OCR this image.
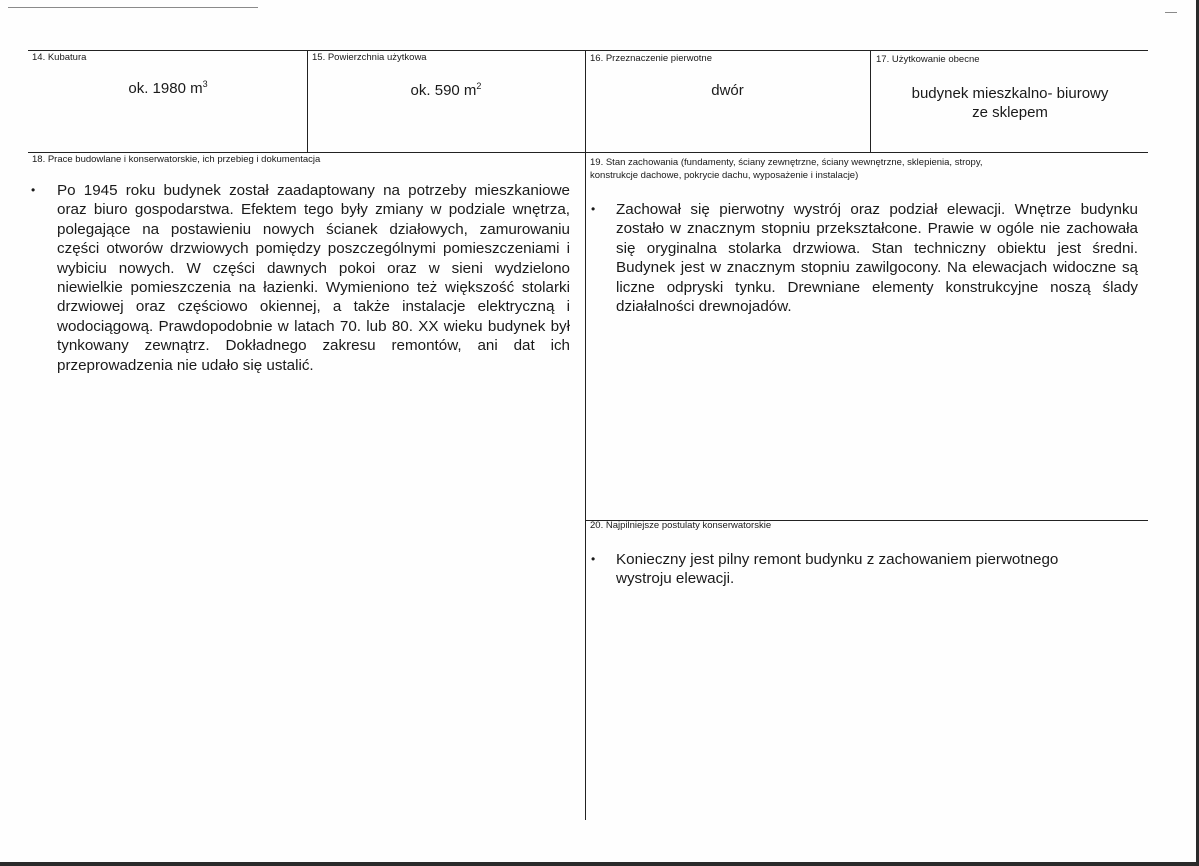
14. Kubatura
ok. 1980 $m^3$
15. Powierzchnia użytkowa
ok. 590 $m^2$
16. Przeznaczenie pierwotne
dwór
17. Użytkowanie obecne
budynek mieszkalno- biurowy
ze sklepem
18. Prace budowlane i konserwatorskie, ich przebieg i dokumentacja
• Po 1945 roku budynek został zaadaptowany na potrzeby mieszkaniowe oraz biuro gospodarstwa. Efektem tego były zmiany w podziale wnętrza, polegające na postawieniu nowych ścianek działowych, zamurowaniu części otworów drzwiowych pomiędzy poszczególnymi pomieszczeniami i wybiciu nowych. W części dawnych pokoi oraz w sieni wydzielono niewielkie pomieszczenia na łazienki. Wymieniono też większość stolarki drzwiowej oraz częściowo okiennej, a także instalacje elektryczną i wodociągową. Prawdopodobnie w latach 70. lub 80. XX wieku budynek był tynkowany zewnątrz. Dokładnego zakresu remontów, ani dat ich przeprowadzenia nie udało się ustalić.
19. Stan zachowania (fundamenty, ściany zewnętrzne, ściany wewnętrzne, sklepienia, stropy,
konstrukcje dachowe, pokrycie dachu, wyposażenie i instalacje)
• Zachował się pierwotny wystrój oraz podział elewacji. Wnętrze budynku zostało w znacznym stopniu przekształcone. Prawie w ogóle nie zachowała się oryginalna stolarka drzwiowa. Stan techniczny obiektu jest średni. Budynek jest w znacznym stopniu zawilgocony. Na elewacjach widoczne są liczne odpryski tynku. Drewniane elementy konstrukcyjne noszą ślady działalności drewnojadów.
20. Najpilniejsze postulaty konserwatorskie
• Konieczny jest pilny remont budynku z zachowaniem pierwotnego wystroju elewacji.
